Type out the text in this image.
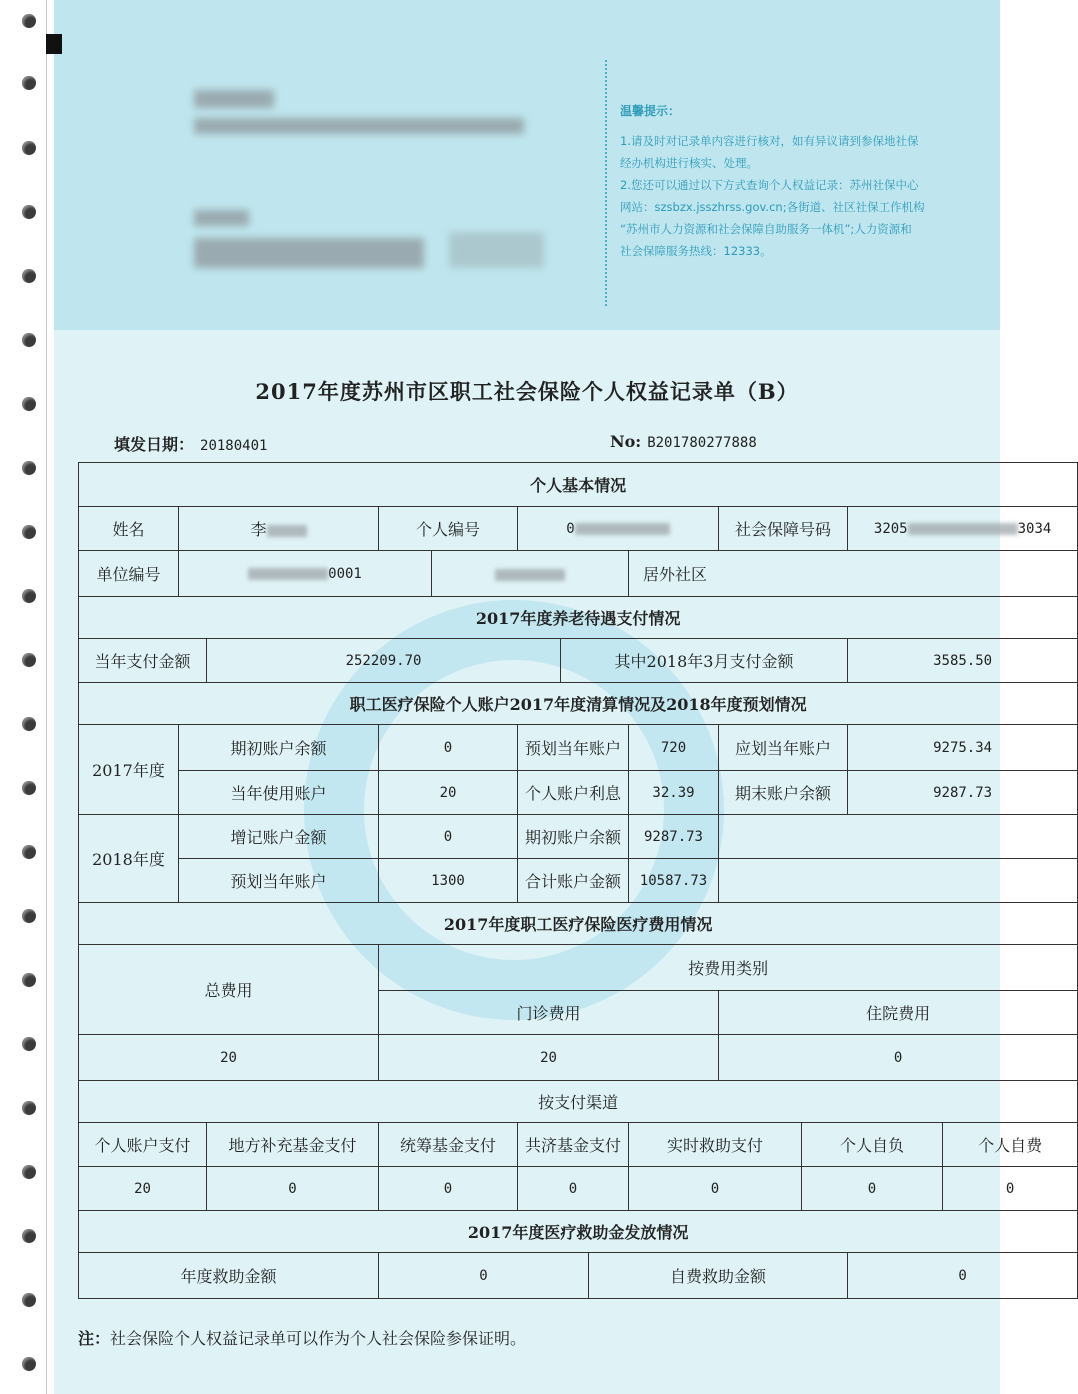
温馨提示：
1.请及时对记录单内容进行核对，如有异议请到参保地社保
经办机构进行核实、处理。
2.您还可以通过以下方式查询个人权益记录：苏州社保中心
网站：szsbzx.jsszhrss.gov.cn;各街道、社区社保工作机构
“苏州市人力资源和社会保障自助服务一体机”;人力资源和
社会保障服务热线：12333。
2017年度苏州市区职工社会保险个人权益记录单（B）
填发日期： 20180401	No: B201780277888
个人基本情况												
姓名	李		个人编号		0				社会保障号码		3205 3034	
单位编号	0001							居外社区				
2017年度养老待遇支付情况												
当年支付金额		252209.70				其中2018年3月支付金额					3585.50	
职工医疗保险个人账户2017年度清算情况及2018年度预划情况												
2017年度	期初账户余额		0		预划当年账户			720	应划当年账户		9275.34	
	当年使用账户		20		个人账户利息			32.39	期末账户余额		9287.73	
2018年度	增记账户金额		0		期初账户余额			9287.73				
	预划当年账户		1300		合计账户金额			10587.73				
2017年度职工医疗保险医疗费用情况												
总费用			按费用类别									
			门诊费用						住院费用			
20			20						0			
按支付渠道												
个人账户支付		地方补充基金支付	统筹基金支付		共济基金支付			实时救助支付		个人自负		个人自费
20		0	0		0			0		0		0
2017年度医疗救助金发放情况												
年度救助金额			0				自费救助金额				0	
注：社会保险个人权益记录单可以作为个人社会保险参保证明。
